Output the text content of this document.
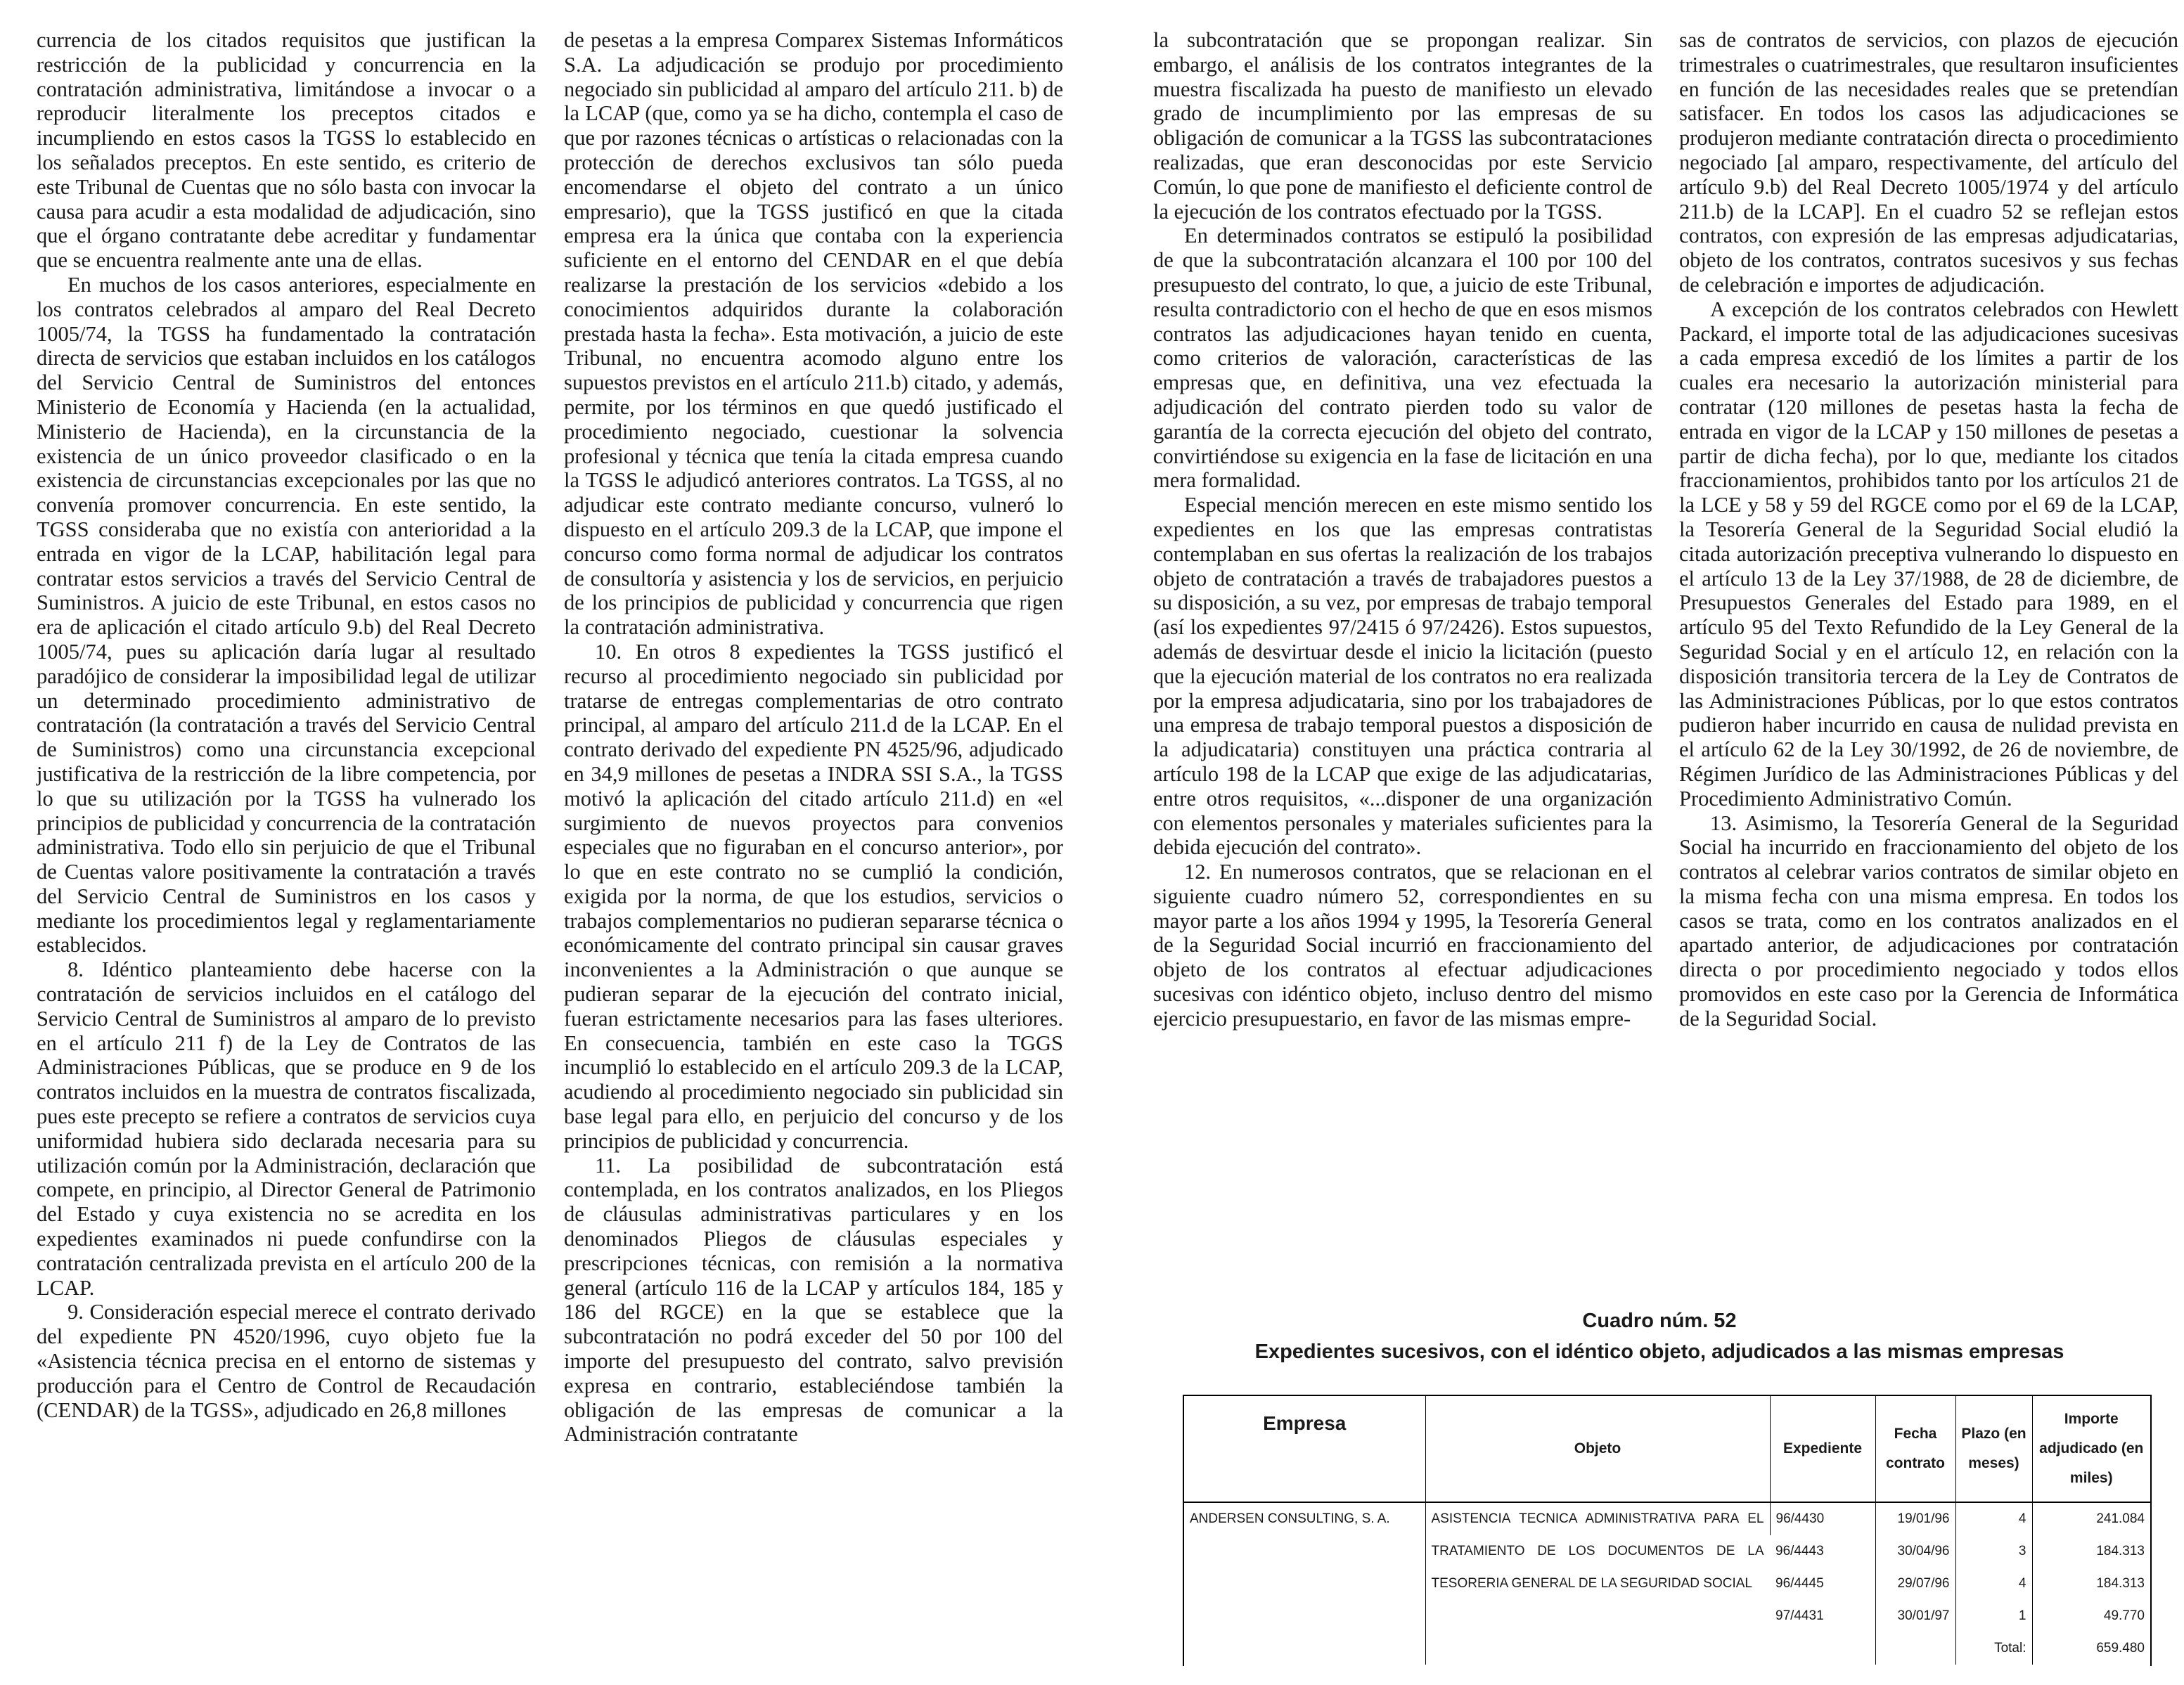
currencia de los citados requisitos que justifican la restricción de la publicidad y concurrencia en la contratación administrativa, limitándose a invocar o a reproducir literalmente los preceptos citados e incumpliendo en estos casos la TGSS lo establecido en los señalados preceptos. En este sentido, es criterio de este Tribunal de Cuentas que no sólo basta con invocar la causa para acudir a esta modalidad de adjudicación, sino que el órgano contratante debe acreditar y fundamentar que se encuentra realmente ante una de ellas.

En muchos de los casos anteriores, especialmente en los contratos celebrados al amparo del Real Decreto 1005/74, la TGSS ha fundamentado la contratación directa de servicios que estaban incluidos en los catálogos del Servicio Central de Suministros del entonces Ministerio de Economía y Hacienda (en la actualidad, Ministerio de Hacienda), en la circunstancia de la existencia de un único proveedor clasificado o en la existencia de circunstancias excepcionales por las que no convenía promover concurrencia. En este sentido, la TGSS consideraba que no existía con anterioridad a la entrada en vigor de la LCAP, habilitación legal para contratar estos servicios a través del Servicio Central de Suministros. A juicio de este Tribunal, en estos casos no era de aplicación el citado artículo 9.b) del Real Decreto 1005/74, pues su aplicación daría lugar al resultado paradójico de considerar la imposibilidad legal de utilizar un determinado procedimiento administrativo de contratación (la contratación a través del Servicio Central de Suministros) como una circunstancia excepcional justificativa de la restricción de la libre competencia, por lo que su utilización por la TGSS ha vulnerado los principios de publicidad y concurrencia de la contratación administrativa. Todo ello sin perjuicio de que el Tribunal de Cuentas valore positivamente la contratación a través del Servicio Central de Suministros en los casos y mediante los procedimientos legal y reglamentariamente establecidos.

8. Idéntico planteamiento debe hacerse con la contratación de servicios incluidos en el catálogo del Servicio Central de Suministros al amparo de lo previsto en el artículo 211 f) de la Ley de Contratos de las Administraciones Públicas, que se produce en 9 de los contratos incluidos en la muestra de contratos fiscalizada, pues este precepto se refiere a contratos de servicios cuya uniformidad hubiera sido declarada necesaria para su utilización común por la Administración, declaración que compete, en principio, al Director General de Patrimonio del Estado y cuya existencia no se acredita en los expedientes examinados ni puede confundirse con la contratación centralizada prevista en el artículo 200 de la LCAP.

9. Consideración especial merece el contrato derivado del expediente PN 4520/1996, cuyo objeto fue la «Asistencia técnica precisa en el entorno de sistemas y producción para el Centro de Control de Recaudación (CENDAR) de la TGSS», adjudicado en 26,8 millones

de pesetas a la empresa Comparex Sistemas Informáticos S.A. La adjudicación se produjo por procedimiento negociado sin publicidad al amparo del artículo 211. b) de la LCAP (que, como ya se ha dicho, contempla el caso de que por razones técnicas o artísticas o relacionadas con la protección de derechos exclusivos tan sólo pueda encomendarse el objeto del contrato a un único empresario), que la TGSS justificó en que la citada empresa era la única que contaba con la experiencia suficiente en el entorno del CENDAR en el que debía realizarse la prestación de los servicios «debido a los conocimientos adquiridos durante la colaboración prestada hasta la fecha». Esta motivación, a juicio de este Tribunal, no encuentra acomodo alguno entre los supuestos previstos en el artículo 211.b) citado, y además, permite, por los términos en que quedó justificado el procedimiento negociado, cuestionar la solvencia profesional y técnica que tenía la citada empresa cuando la TGSS le adjudicó anteriores contratos. La TGSS, al no adjudicar este contrato mediante concurso, vulneró lo dispuesto en el artículo 209.3 de la LCAP, que impone el concurso como forma normal de adjudicar los contratos de consultoría y asistencia y los de servicios, en perjuicio de los principios de publicidad y concurrencia que rigen la contratación administrativa.

10. En otros 8 expedientes la TGSS justificó el recurso al procedimiento negociado sin publicidad por tratarse de entregas complementarias de otro contrato principal, al amparo del artículo 211.d de la LCAP. En el contrato derivado del expediente PN 4525/96, adjudicado en 34,9 millones de pesetas a INDRA SSI S.A., la TGSS motivó la aplicación del citado artículo 211.d) en «el surgimiento de nuevos proyectos para convenios especiales que no figuraban en el concurso anterior», por lo que en este contrato no se cumplió la condición, exigida por la norma, de que los estudios, servicios o trabajos complementarios no pudieran separarse técnica o económicamente del contrato principal sin causar graves inconvenientes a la Administración o que aunque se pudieran separar de la ejecución del contrato inicial, fueran estrictamente necesarios para las fases ulteriores. En consecuencia, también en este caso la TGGS incumplió lo establecido en el artículo 209.3 de la LCAP, acudiendo al procedimiento negociado sin publicidad sin base legal para ello, en perjuicio del concurso y de los principios de publicidad y concurrencia.

11. La posibilidad de subcontratación está contemplada, en los contratos analizados, en los Pliegos de cláusulas administrativas particulares y en los denominados Pliegos de cláusulas especiales y prescripciones técnicas, con remisión a la normativa general (artículo 116 de la LCAP y artículos 184, 185 y 186 del RGCE) en la que se establece que la subcontratación no podrá exceder del 50 por 100 del importe del presupuesto del contrato, salvo previsión expresa en contrario, estableciéndose también la obligación de las empresas de comunicar a la Administración contratante

la subcontratación que se propongan realizar. Sin embargo, el análisis de los contratos integrantes de la muestra fiscalizada ha puesto de manifiesto un elevado grado de incumplimiento por las empresas de su obligación de comunicar a la TGSS las subcontrataciones realizadas, que eran desconocidas por este Servicio Común, lo que pone de manifiesto el deficiente control de la ejecución de los contratos efectuado por la TGSS.

En determinados contratos se estipuló la posibilidad de que la subcontratación alcanzara el 100 por 100 del presupuesto del contrato, lo que, a juicio de este Tribunal, resulta contradictorio con el hecho de que en esos mismos contratos las adjudicaciones hayan tenido en cuenta, como criterios de valoración, características de las empresas que, en definitiva, una vez efectuada la adjudicación del contrato pierden todo su valor de garantía de la correcta ejecución del objeto del contrato, convirtiéndose su exigencia en la fase de licitación en una mera formalidad.

Especial mención merecen en este mismo sentido los expedientes en los que las empresas contratistas contemplaban en sus ofertas la realización de los trabajos objeto de contratación a través de trabajadores puestos a su disposición, a su vez, por empresas de trabajo temporal (así los expedientes 97/2415 ó 97/2426). Estos supuestos, además de desvirtuar desde el inicio la licitación (puesto que la ejecución material de los contratos no era realizada por la empresa adjudicataria, sino por los trabajadores de una empresa de trabajo temporal puestos a disposición de la adjudicataria) constituyen una práctica contraria al artículo 198 de la LCAP que exige de las adjudicatarias, entre otros requisitos, «...disponer de una organización con elementos personales y materiales suficientes para la debida ejecución del contrato».

12. En numerosos contratos, que se relacionan en el siguiente cuadro número 52, correspondientes en su mayor parte a los años 1994 y 1995, la Tesorería General de la Seguridad Social incurrió en fraccionamiento del objeto de los contratos al efectuar adjudicaciones sucesivas con idéntico objeto, incluso dentro del mismo ejercicio presupuestario, en favor de las mismas empre-

sas de contratos de servicios, con plazos de ejecución trimestrales o cuatrimestrales, que resultaron insuficientes en función de las necesidades reales que se pretendían satisfacer. En todos los casos las adjudicaciones se produjeron mediante contratación directa o procedimiento negociado [al amparo, respectivamente, del artículo del artículo 9.b) del Real Decreto 1005/1974 y del artículo 211.b) de la LCAP]. En el cuadro 52 se reflejan estos contratos, con expresión de las empresas adjudicatarias, objeto de los contratos, contratos sucesivos y sus fechas de celebración e importes de adjudicación.

A excepción de los contratos celebrados con Hewlett Packard, el importe total de las adjudicaciones sucesivas a cada empresa excedió de los límites a partir de los cuales era necesario la autorización ministerial para contratar (120 millones de pesetas hasta la fecha de entrada en vigor de la LCAP y 150 millones de pesetas a partir de dicha fecha), por lo que, mediante los citados fraccionamientos, prohibidos tanto por los artículos 21 de la LCE y 58 y 59 del RGCE como por el 69 de la LCAP, la Tesorería General de la Seguridad Social eludió la citada autorización preceptiva vulnerando lo dispuesto en el artículo 13 de la Ley 37/1988, de 28 de diciembre, de Presupuestos Generales del Estado para 1989, en el artículo 95 del Texto Refundido de la Ley General de la Seguridad Social y en el artículo 12, en relación con la disposición transitoria tercera de la Ley de Contratos de las Administraciones Públicas, por lo que estos contratos pudieron haber incurrido en causa de nulidad prevista en el artículo 62 de la Ley 30/1992, de 26 de noviembre, de Régimen Jurídico de las Administraciones Públicas y del Procedimiento Administrativo Común.

13. Asimismo, la Tesorería General de la Seguridad Social ha incurrido en fraccionamiento del objeto de los contratos al celebrar varios contratos de similar objeto en la misma fecha con una misma empresa. En todos los casos se trata, como en los contratos analizados en el apartado anterior, de adjudicaciones por contratación directa o por procedimiento negociado y todos ellos promovidos en este caso por la Gerencia de Informática de la Seguridad Social.

Cuadro núm. 52
Expedientes sucesivos, con el idéntico objeto, adjudicados a las mismas empresas
Empresa	Objeto	Expediente	Fecha contrato	Plazo (en meses)	Importe adjudicado (en miles)
ANDERSEN CONSULTING, S. A.	ASISTENCIA TECNICA ADMINISTRATIVA PARA EL TRATAMIENTO DE LOS DOCUMENTOS DE LA TESORERIA GENERAL DE LA SEGURIDAD SOCIAL	96/4430	19/01/96	4	241.084
		96/4443	30/04/96	3	184.313
		96/4445	29/07/96	4	184.313
		97/4431	30/01/97	1	49.770
				Total:	659.480
